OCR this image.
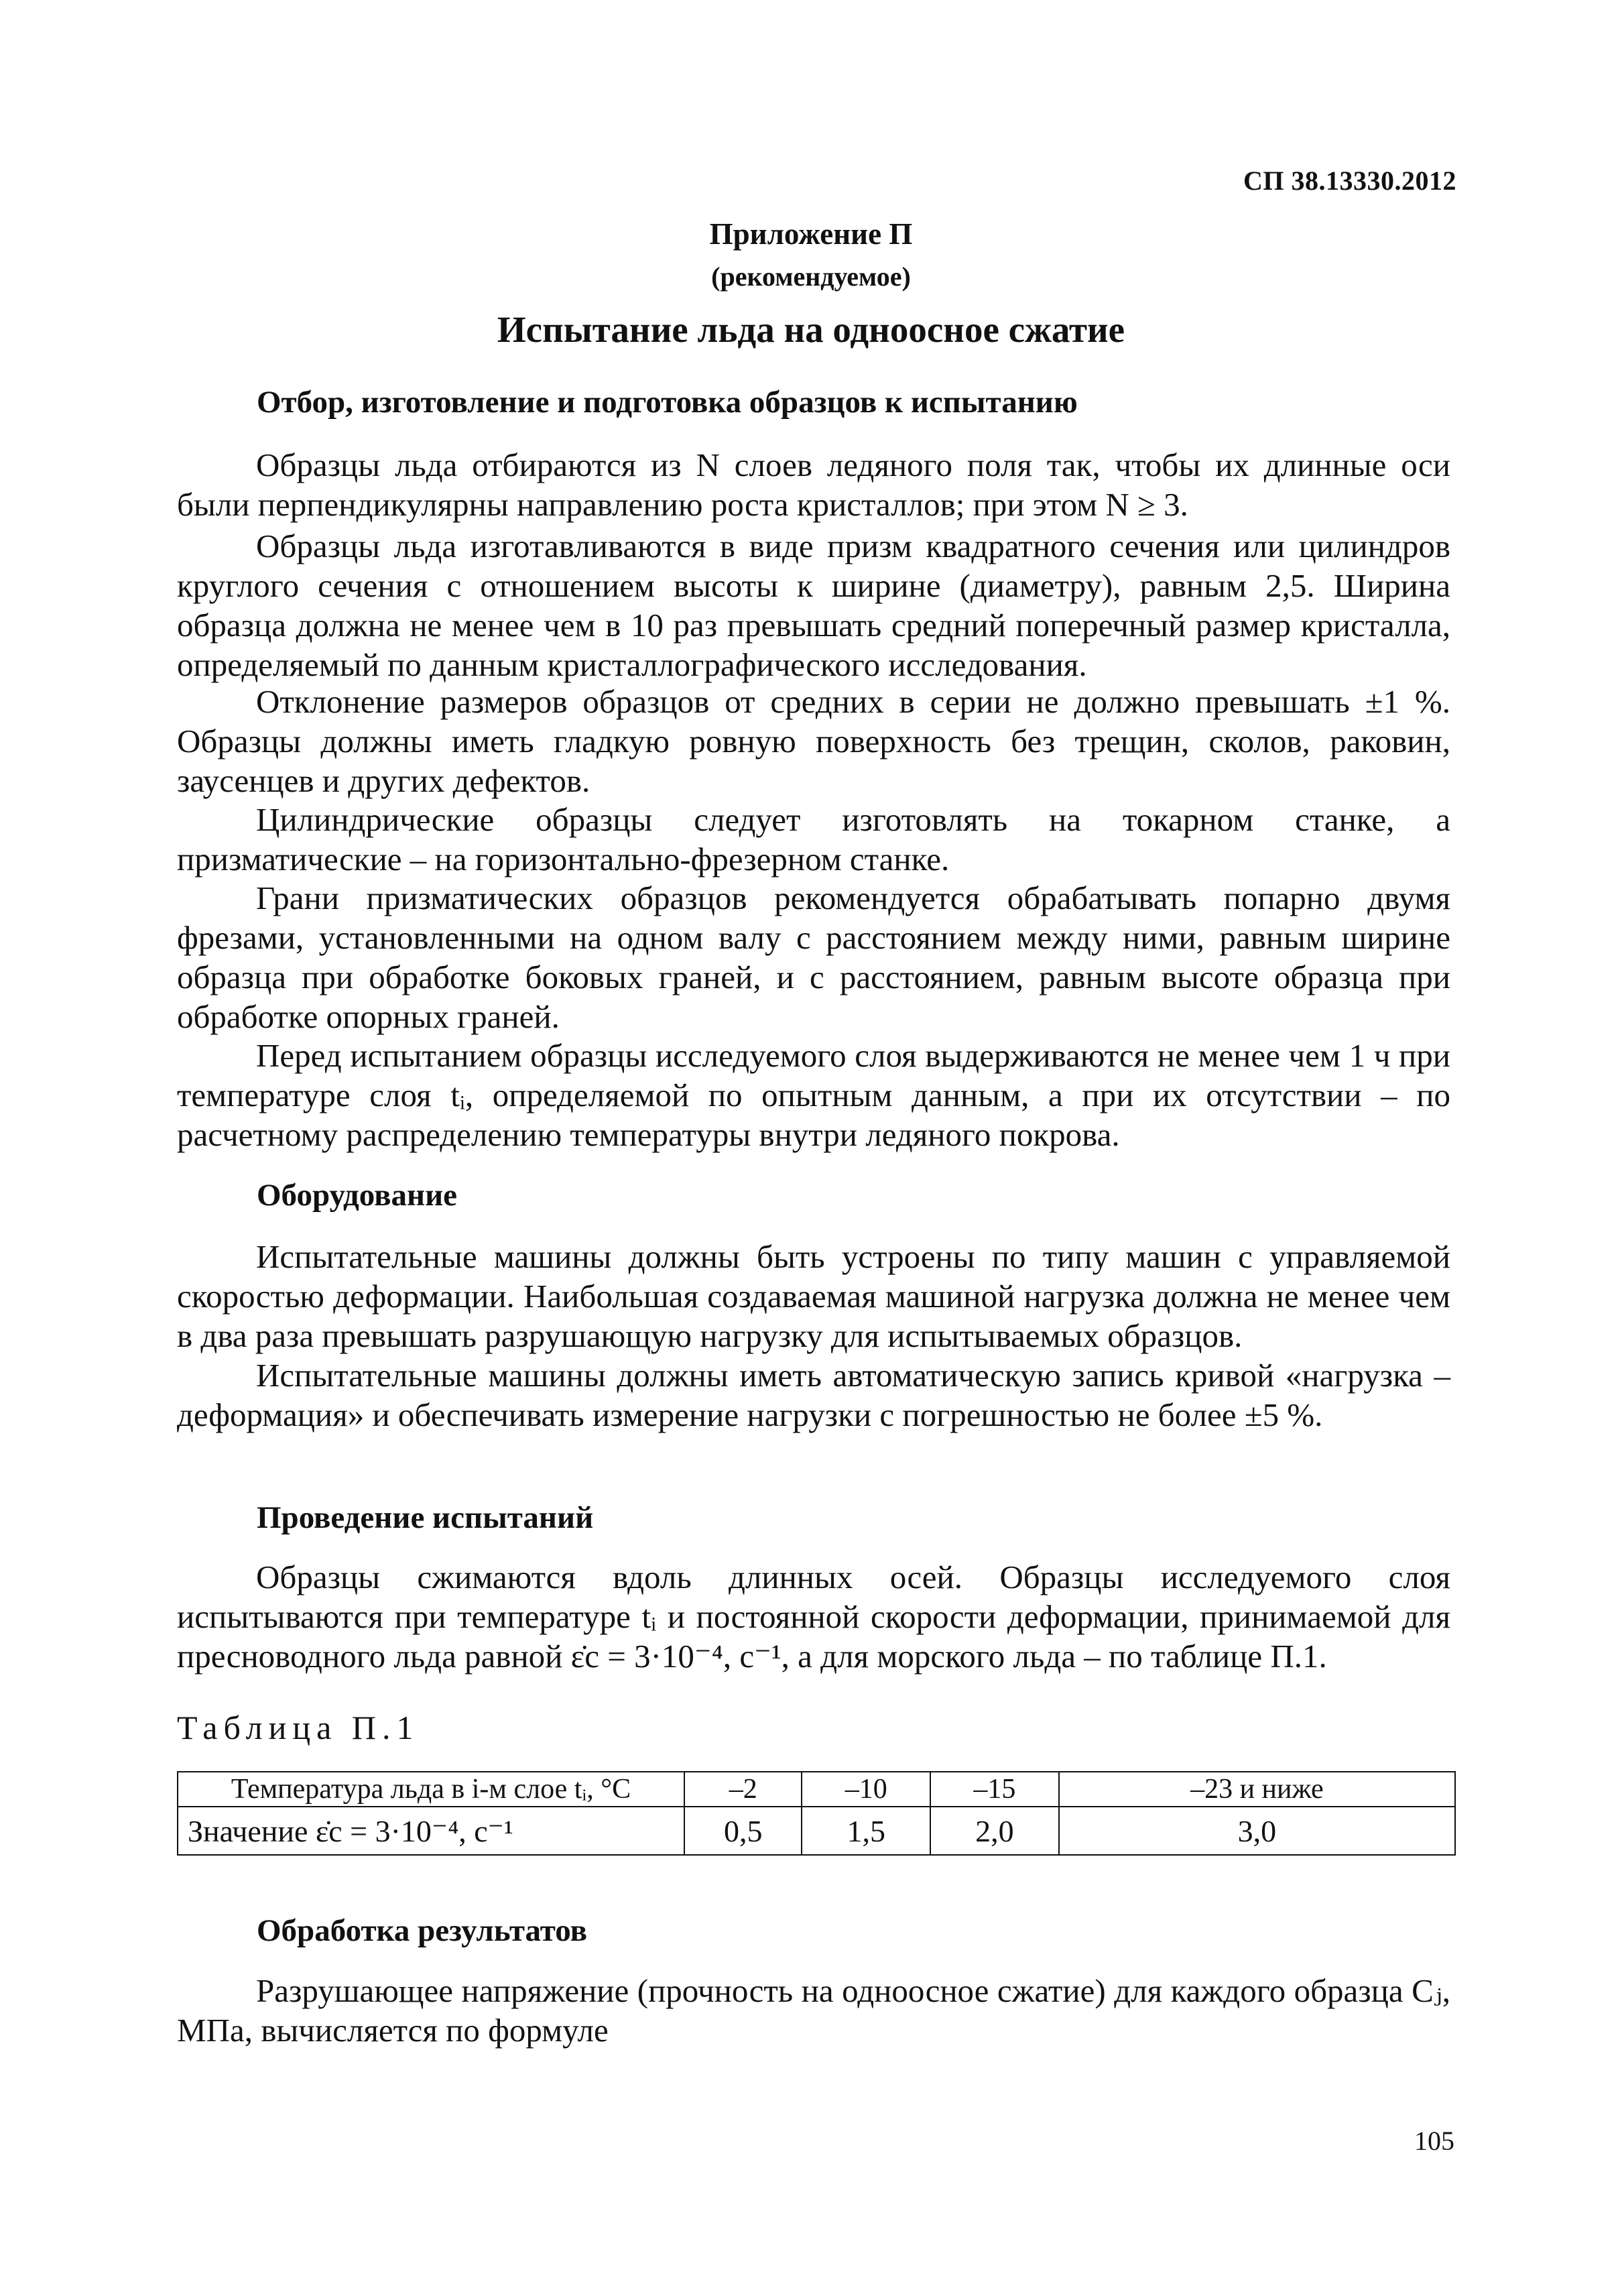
СП 38.13330.2012
Приложение П
(рекомендуемое)
Испытание льда на одноосное сжатие
Отбор, изготовление и подготовка образцов к испытанию

Образцы льда отбираются из N слоев ледяного поля так, чтобы их длинные оси были перпендикулярны направлению роста кристаллов; при этом N ≥ 3.

Образцы льда изготавливаются в виде призм квадратного сечения или цилиндров круглого сечения с отношением высоты к ширине (диаметру), равным 2,5. Ширина образца должна не менее чем в 10 раз превышать средний поперечный размер кристалла, определяемый по данным кристаллографического исследования.

Отклонение размеров образцов от средних в серии не должно превышать ±1 %. Образцы должны иметь гладкую ровную поверхность без трещин, сколов, раковин, заусенцев и других дефектов.

Цилиндрические образцы следует изготовлять на токарном станке, а призматические – на горизонтально-фрезерном станке.

Грани призматических образцов рекомендуется обрабатывать попарно двумя фрезами, установленными на одном валу с расстоянием между ними, равным ширине образца при обработке боковых граней, и с расстоянием, равным высоте образца при обработке опорных граней.

Перед испытанием образцы исследуемого слоя выдерживаются не менее чем 1 ч при температуре слоя tᵢ, определяемой по опытным данным, а при их отсутствии – по расчетному распределению температуры внутри ледяного покрова.

Оборудование

Испытательные машины должны быть устроены по типу машин с управляемой скоростью деформации. Наибольшая создаваемая машиной нагрузка должна не менее чем в два раза превышать разрушающую нагрузку для испытываемых образцов.

Испытательные машины должны иметь автоматическую запись кривой «нагрузка – деформация» и обеспечивать измерение нагрузки с погрешностью не более ±5 %.

Проведение испытаний

Образцы сжимаются вдоль длинных осей. Образцы исследуемого слоя испытываются при температуре tᵢ и постоянной скорости деформации, принимаемой для пресноводного льда равной ε̇c = 3·10⁻⁴, с⁻¹, а для морского льда – по таблице П.1.

Таблица П.1
Температура льда в i-м слое tᵢ, °C	–2	–10	–15	–23 и ниже
Значение ε̇c = 3·10⁻⁴, с⁻¹	0,5	1,5	2,0	3,0
Обработка результатов

Разрушающее напряжение (прочность на одноосное сжатие) для каждого образца Cⱼ, МПа, вычисляется по формуле

105
